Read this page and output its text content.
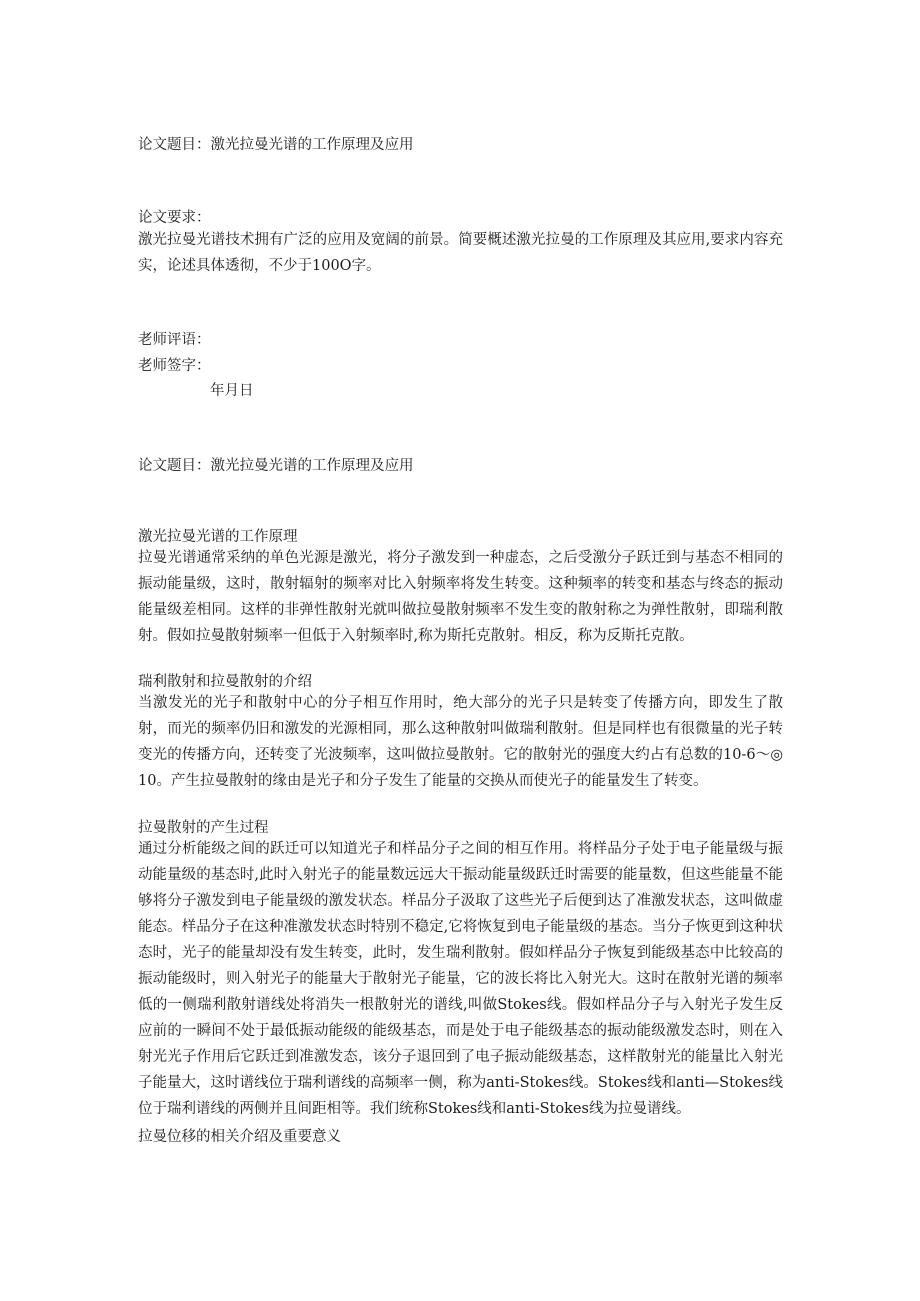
论文题目：激光拉曼光谱的工作原理及应用
论文要求：
激光拉曼光谱技术拥有广泛的应用及宽阔的前景。简要概述激光拉曼的工作原理及其应用,要求内容充实，论述具体透彻，不少于100O字。
老师评语：
老师签字：
年月日
论文题目：激光拉曼光谱的工作原理及应用
激光拉曼光谱的工作原理
拉曼光谱通常采纳的单色光源是激光，将分子激发到一种虚态，之后受激分子跃迁到与基态不相同的振动能量级，这时，散射辐射的频率对比入射频率将发生转变。这种频率的转变和基态与终态的振动能量级差相同。这样的非弹性散射光就叫做拉曼散射频率不发生变的散射称之为弹性散射，即瑞利散射。假如拉曼散射频率一但低于入射频率时,称为斯托克散射。相反，称为反斯托克散。
瑞利散射和拉曼散射的介绍
当激发光的光子和散射中心的分子相互作用时，绝大部分的光子只是转变了传播方向，即发生了散射，而光的频率仍旧和激发的光源相同，那么这种散射叫做瑞利散射。但是同样也有很微量的光子转变光的传播方向，还转变了光波频率，这叫做拉曼散射。它的散射光的强度大约占有总数的10-6～◎10。产生拉曼散射的缘由是光子和分子发生了能量的交换从而使光子的能量发生了转变。
拉曼散射的产生过程
通过分析能级之间的跃迁可以知道光子和样品分子之间的相互作用。将样品分子处于电子能量级与振动能量级的基态时,此时入射光子的能量数远远大干振动能量级跃迁时需要的能量数，但这些能量不能够将分子激发到电子能量级的激发状态。样品分子汲取了这些光子后便到达了准激发状态，这叫做虚能态。样品分子在这种准激发状态时特别不稳定,它将恢复到电子能量级的基态。当分子恢更到这种状态时，光子的能量却没有发生转变，此时，发生瑞利散射。假如样品分子恢复到能级基态中比较高的振动能级时，则入射光子的能量大于散射光子能量，它的波长将比入射光大。这时在散射光谱的频率低的一侧瑞利散射谱线处将消失一根散射光的谱线,叫做Stokes线。假如样品分子与入射光子发生反应前的一瞬间不处于最低振动能级的能级基态，而是处于电子能级基态的振动能级激发态时，则在入射光光子作用后它跃迁到准激发态，该分子退回到了电子振动能级基态，这样散射光的能量比入射光子能量大，这时谱线位于瑞利谱线的高频率一侧，称为anti-Stokes线。Stokes线和anti—Stokes线位于瑞利谱线的两侧并且间距相等。我们统称Stokes线和anti-Stokes线为拉曼谱线。
拉曼位移的相关介绍及重要意义
